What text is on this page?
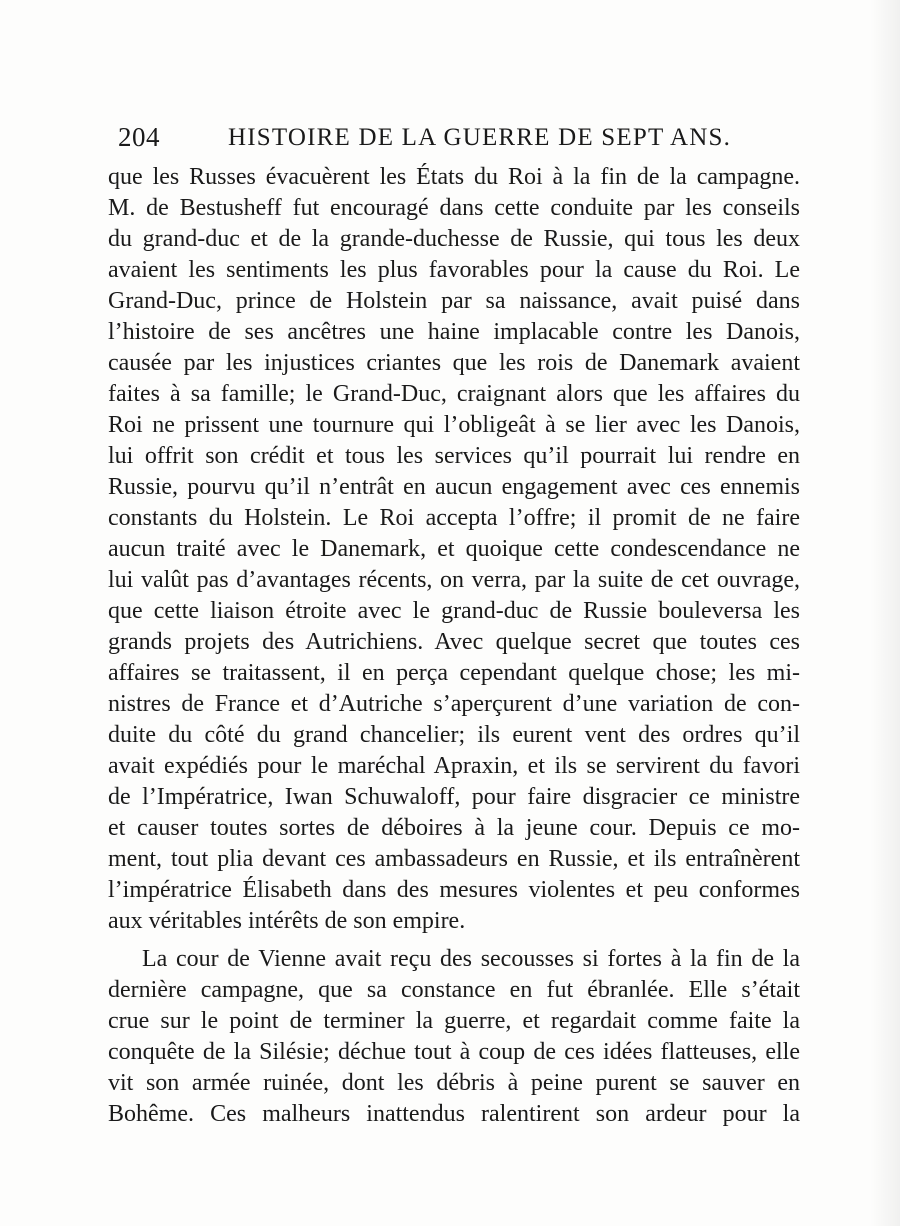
204	HISTOIRE DE LA GUERRE DE SEPT ANS.
que les Russes évacuèrent les États du Roi à la fin de la campagne.
M. de Bestusheff fut encouragé dans cette conduite par les conseils
du grand-duc et de la grande-duchesse de Russie, qui tous les deux
avaient les sentiments les plus favorables pour la cause du Roi. Le
Grand-Duc, prince de Holstein par sa naissance, avait puisé dans
l’histoire de ses ancêtres une haine implacable contre les Danois,
causée par les injustices criantes que les rois de Danemark avaient
faites à sa famille; le Grand-Duc, craignant alors que les affaires du
Roi ne prissent une tournure qui l’obligeât à se lier avec les Danois,
lui offrit son crédit et tous les services qu’il pourrait lui rendre en
Russie, pourvu qu’il n’entrât en aucun engagement avec ces ennemis
constants du Holstein. Le Roi accepta l’offre; il promit de ne faire
aucun traité avec le Danemark, et quoique cette condescendance ne
lui valût pas d’avantages récents, on verra, par la suite de cet ouvrage,
que cette liaison étroite avec le grand-duc de Russie bouleversa les
grands projets des Autrichiens. Avec quelque secret que toutes ces
affaires se traitassent, il en perça cependant quelque chose; les mi-
nistres de France et d’Autriche s’aperçurent d’une variation de con-
duite du côté du grand chancelier; ils eurent vent des ordres qu’il
avait expédiés pour le maréchal Apraxin, et ils se servirent du favori
de l’Impératrice, Iwan Schuwaloff, pour faire disgracier ce ministre
et causer toutes sortes de déboires à la jeune cour. Depuis ce mo-
ment, tout plia devant ces ambassadeurs en Russie, et ils entraînèrent
l’impératrice Élisabeth dans des mesures violentes et peu conformes
aux véritables intérêts de son empire.
La cour de Vienne avait reçu des secousses si fortes à la fin de la
dernière campagne, que sa constance en fut ébranlée. Elle s’était
crue sur le point de terminer la guerre, et regardait comme faite la
conquête de la Silésie; déchue tout à coup de ces idées flatteuses, elle
vit son armée ruinée, dont les débris à peine purent se sauver en
Bohême. Ces malheurs inattendus ralentirent son ardeur pour la
